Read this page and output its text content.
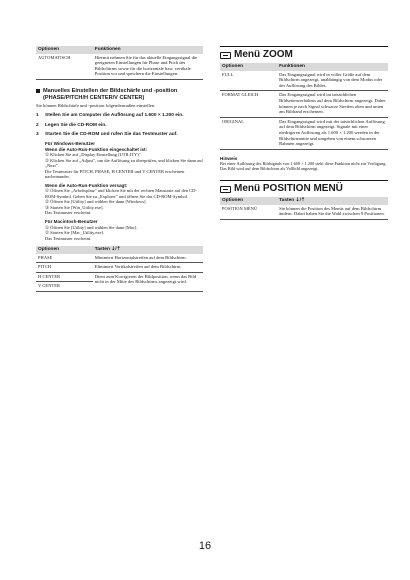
Optionen	Funktionen
AUTOMATISCH	Hiermit nehmen Sie für das aktuelle Eingangssignal die geeigneten Einstellungen für Phase und Pitch des Bildschirms sowie für die horizontale bzw. vertikale Position vor und speichern die Einstellungen.
Manuelles Einstellen der Bildschärfe und -position (PHASE/PITCH/H CENTER/V CENTER)

Sie können Bildschärfe und -position folgendermaßen einstellen.

1 Stellen Sie am Computer die Auflösung auf 1.600 × 1.200 ein.
2 Legen Sie die CD-ROM ein.
3 Starten Sie die CD-ROM und rufen Sie das Testmuster auf.
Für Windows-Benutzer
Wenn die Auto-Run-Funktion eingeschaltet ist:

① Klicken Sie auf „Display Einstellung (UTILITY)".

② Klicken Sie auf „Adjust", um die Auflösung zu überprüfen, und klicken Sie dann auf „Next".

Die Testmuster für PITCH, PHASE, H CENTER und V CENTER erscheinen nacheinander.

Wenn die Auto-Run-Funktion versagt:

① Öffnen Sie „Arbeitsplatz" und klicken Sie mit der rechten Maustaste auf den CD-ROM-Symbol. Gehen Sie zu „Explorer" und öffnen Sie das CD-ROM-Symbol.

② Öffnen Sie [Utility] und wählen Sie dann [Windows].

③ Starten Sie [Win_Utility.exe].

Das Testmuster erscheint.

Für Macintosh-Benutzer

① Öffnen Sie [Utility] und wählen Sie dann [Mac].

② Starten Sie [Mac_Utility.exe].

Das Testmuster erscheint.

Optionen	Tasten ⇣/⇡
PHASE	Minimiert Horizontalstreifen auf dem Bildschirm.
PITCH	Eliminiert Vertikalstreifen auf dem Bildschirm.
H CENTER	Dient zum Korrigieren der Bildposition, wenn das Bild nicht in der Mitte des Bildschirms angezeigt wird.
V CENTER	
Menü ZOOM
Optionen	Funktionen
FULL	Das Eingangssignal wird in voller Größe auf dem Bildschirm angezeigt, unabhängig von dem Modus oder der Auflösung des Bildes.
FORMAT GLEICH	Das Eingangssignal wird im tatsächlichen Bildseitenverhältnis auf dem Bildschirm angezeigt. Daher können je nach Signal schwarze Streifen oben und unten am Bildrand erscheinen.
ORIGINAL	Das Eingangssignal wird mit der tatsächlichen Auflösung auf dem Bildschirm angezeigt. Signale mit einer niedrigeren Auflösung als 1.600 × 1.200 werden in der Bildschirmmitte und umgeben von einem schwarzen Rahmen angezeigt.
Hinweis
Bei einer Auflösung des Bildsignals von 1.600 × 1.200 steht diese Funktion nicht zur Verfügung. Das Bild wird auf dem Bildschirm als Vollbild angezeigt.
Menü POSITION MENÜ
Optionen	Tasten ⇣/⇡
POSITION MENÜ	Sie können die Position des Menüs auf dem Bildschirm ändern. Dabei haben Sie die Wahl zwischen 9 Positionen.
16
